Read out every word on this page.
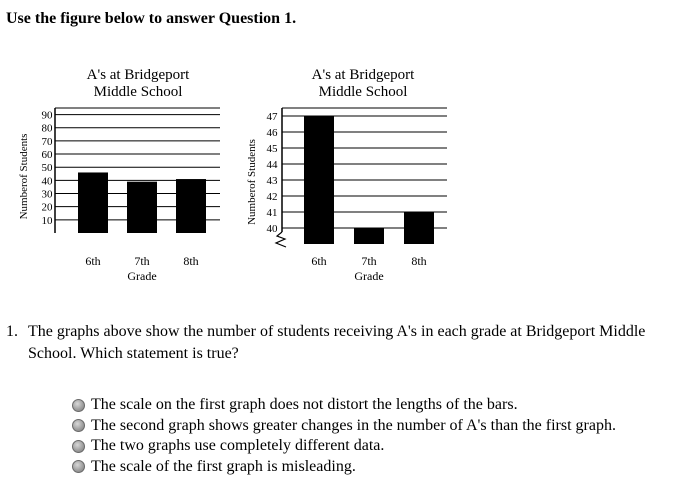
Use the figure below to answer Question 1.
A's at Bridgeport
Middle School
10
20
30
40
50
60
70
80
90
Numberof Students
6th	7th	8th
Grade
A's at Bridgeport
Middle School
40
41
42
43
44
45
46
47
Numberof Students
6th	7th	8th
Grade
1. The graphs above show the number of students receiving A's in each grade at Bridgeport Middle School. Which statement is true?
The scale on the first graph does not distort the lengths of the bars.
The second graph shows greater changes in the number of A's than the first graph.
The two graphs use completely different data.
The scale of the first graph is misleading.
